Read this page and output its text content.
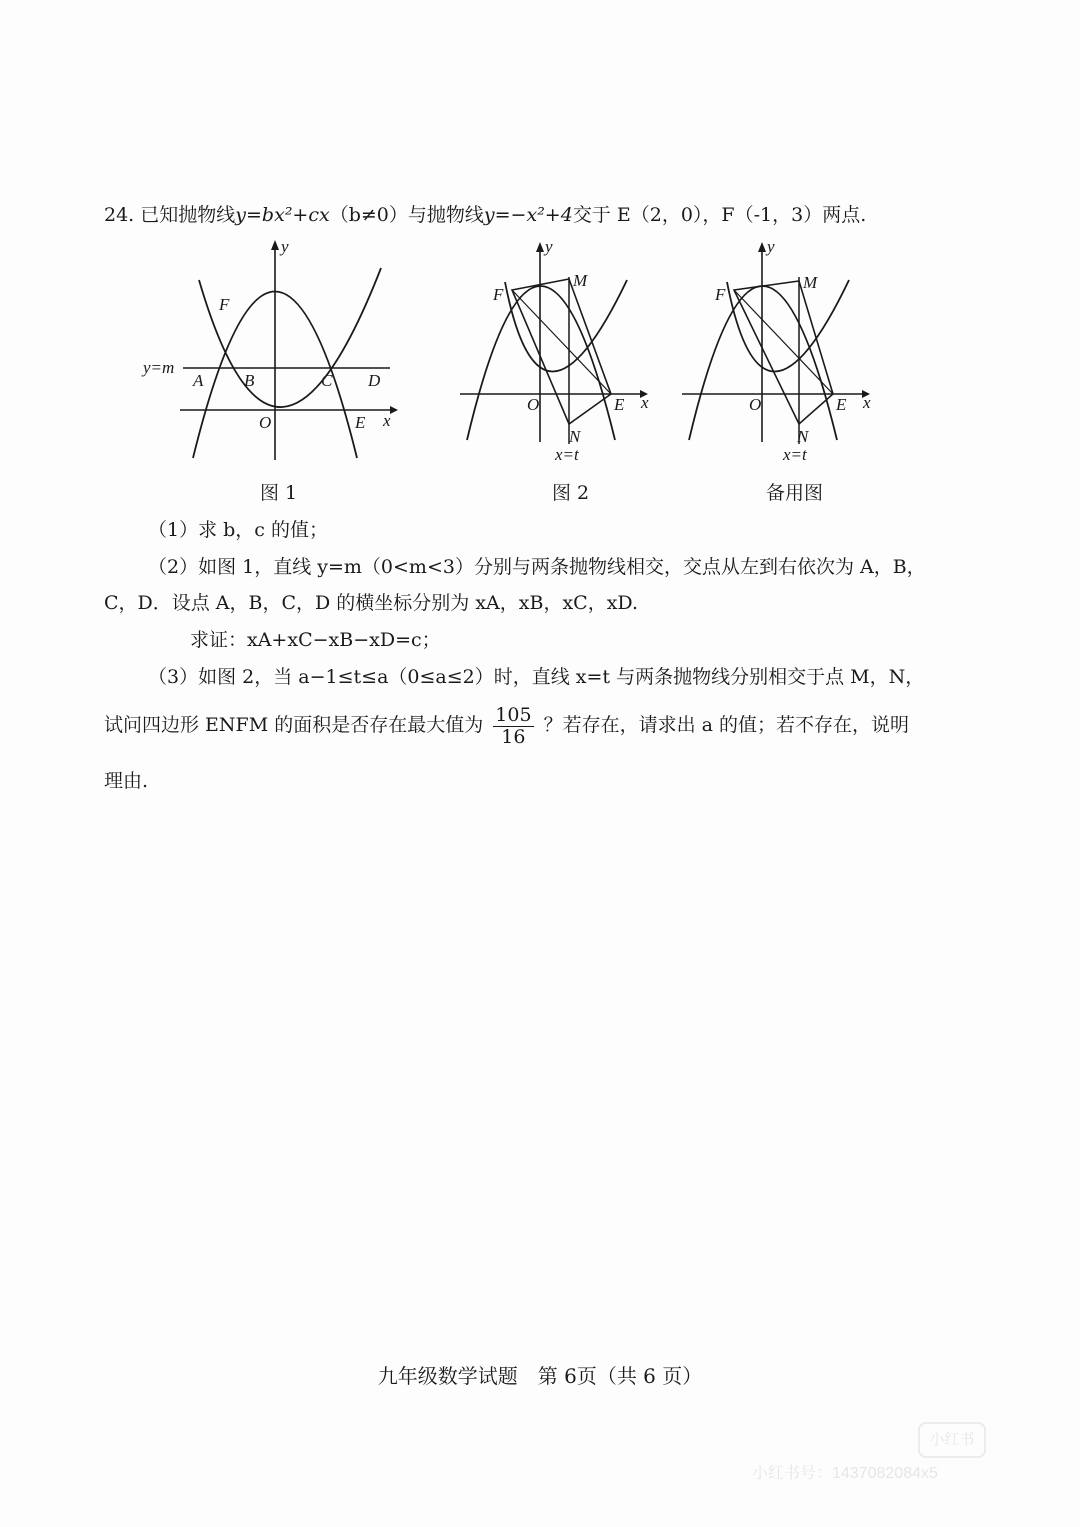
24. 已知抛物线y=bx²+cx（b≠0）与抛物线y=−x²+4交于 E（2，0），F（-1，3）两点.
y=m
y
x
O	E
F
A B	C D
图 1
y
x
O	E
F
M
N
x=t
图 2
y
x
O	E
F
M
N
x=t
备用图
（1）求 b，c 的值；
（2）如图 1，直线 y=m（0<m<3）分别与两条抛物线相交，交点从左到右依次为 A，B，
C，D．设点 A，B，C，D 的横坐标分别为 xA，xB，xC，xD.
求证：xA+xC−xB−xD=c；
（3）如图 2，当 a−1≤t≤a（0≤a≤2）时，直线 x=t 与两条抛物线分别相交于点 M，N，
试问四边形 ENFM 的面积是否存在最大值为 $\frac{105}{16}$ ？若存在，请求出 a 的值；若不存在，说明
理由.
九年级数学试题　第 6页（共 6 页）
小红书
小红书号：1437082084x5
